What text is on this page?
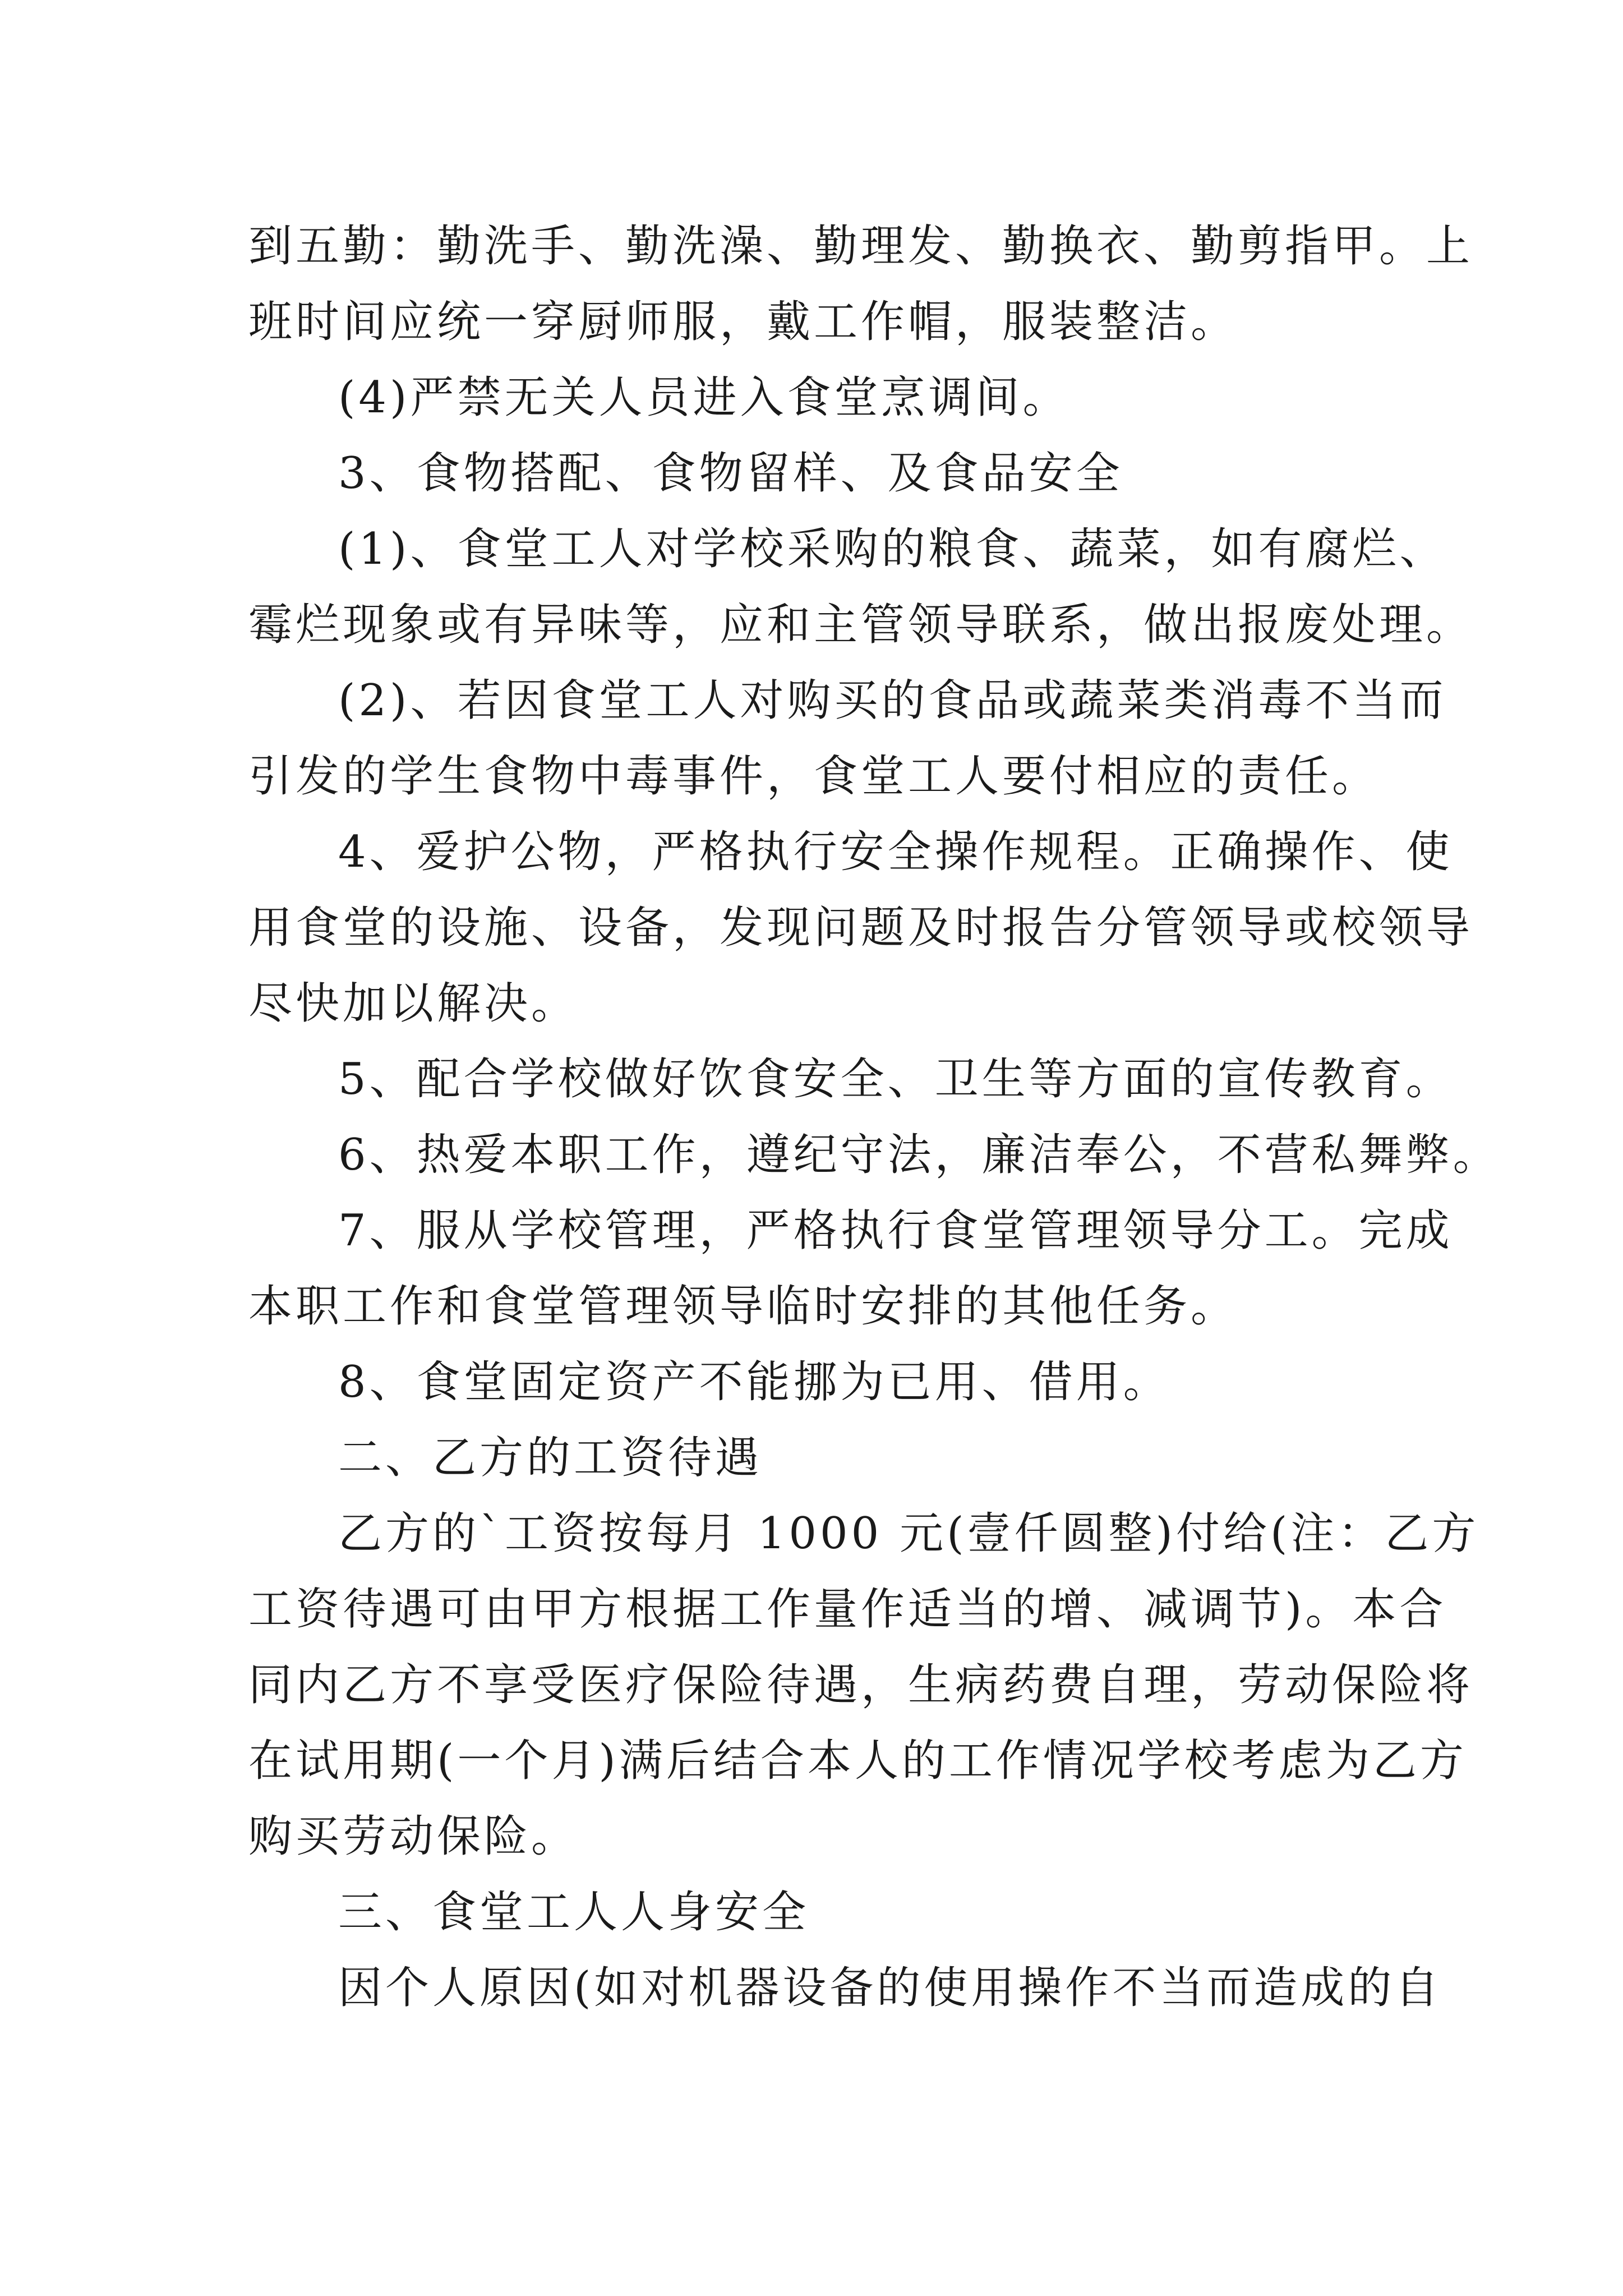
到五勤：勤洗手、勤洗澡、勤理发、勤换衣、勤剪指甲。上

班时间应统一穿厨师服，戴工作帽，服装整洁。

(4)严禁无关人员进入食堂烹调间。

3、食物搭配、食物留样、及食品安全

(1)、食堂工人对学校采购的粮食、蔬菜，如有腐烂、

霉烂现象或有异味等，应和主管领导联系，做出报废处理。

(2)、若因食堂工人对购买的食品或蔬菜类消毒不当而

引发的学生食物中毒事件，食堂工人要付相应的责任。

4、爱护公物，严格执行安全操作规程。正确操作、使

用食堂的设施、设备，发现问题及时报告分管领导或校领导

尽快加以解决。

5、配合学校做好饮食安全、卫生等方面的宣传教育。

6、热爱本职工作，遵纪守法，廉洁奉公，不营私舞弊。

7、服从学校管理，严格执行食堂管理领导分工。完成

本职工作和食堂管理领导临时安排的其他任务。

8、食堂固定资产不能挪为已用、借用。

二、乙方的工资待遇

乙方的`工资按每月 1000 元(壹仟圆整)付给(注：乙方

工资待遇可由甲方根据工作量作适当的增、减调节)。本合

同内乙方不享受医疗保险待遇，生病药费自理，劳动保险将

在试用期(一个月)满后结合本人的工作情况学校考虑为乙方

购买劳动保险。

三、食堂工人人身安全

因个人原因(如对机器设备的使用操作不当而造成的自
